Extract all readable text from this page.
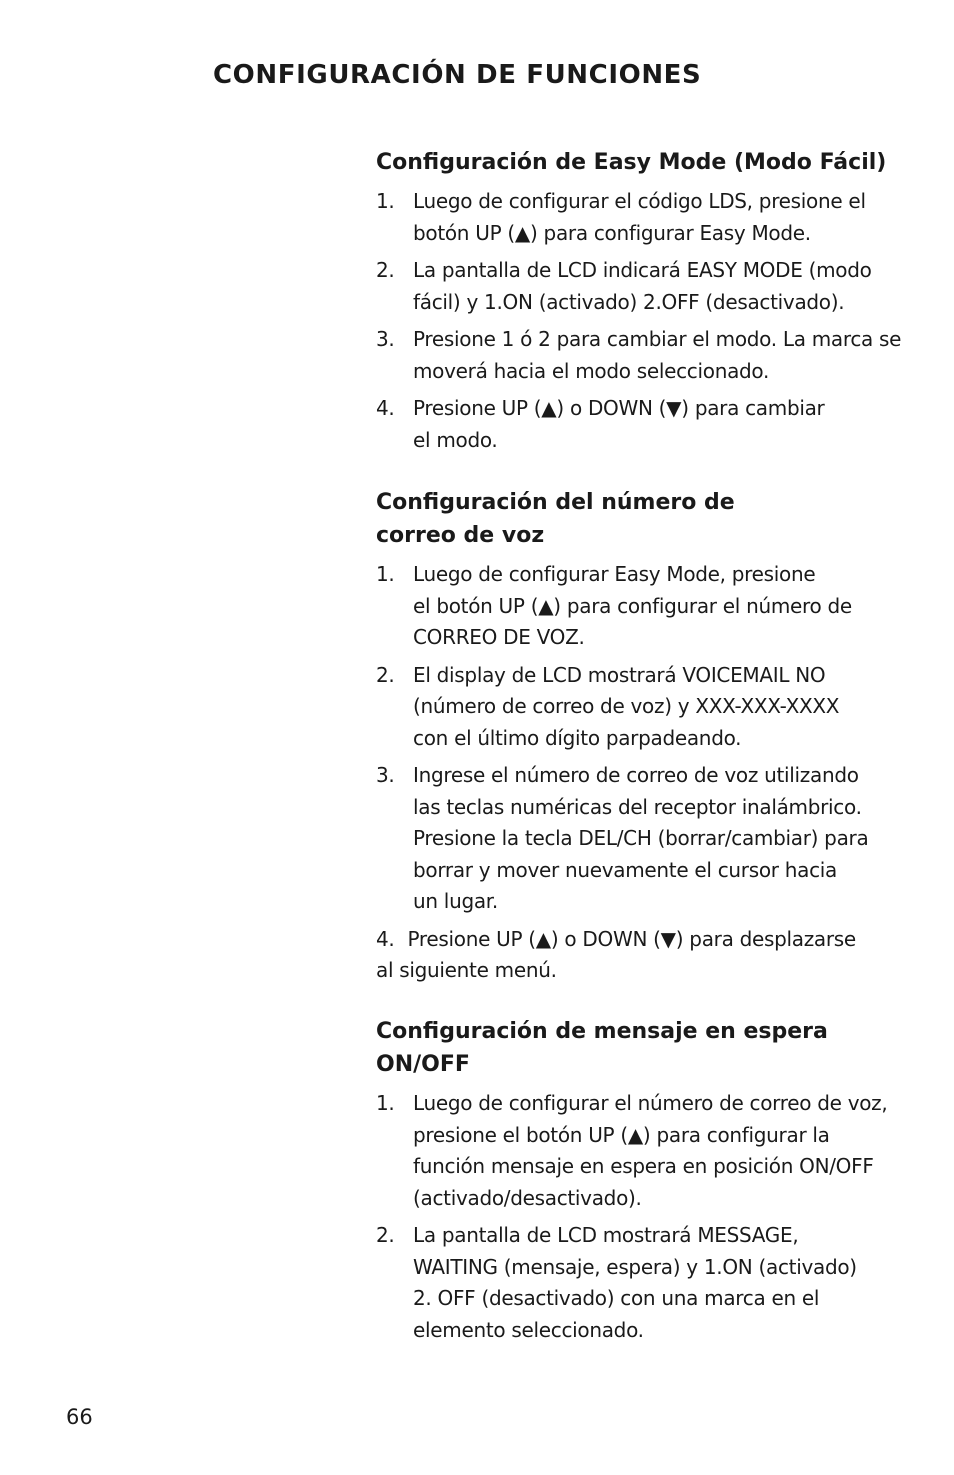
CONFIGURACIÓN DE FUNCIONES
Configuración de Easy Mode (Modo Fácil)
1. Luego de configurar el código LDS, presione el
botón UP (▲) para configurar Easy Mode.
2. La pantalla de LCD indicará EASY MODE (modo
fácil) y 1.ON (activado) 2.OFF (desactivado).
3. Presione 1 ó 2 para cambiar el modo. La marca se
moverá hacia el modo seleccionado.
4. Presione UP (▲) o DOWN (▼) para cambiar
el modo.
Configuración del número de
correo de voz
1. Luego de configurar Easy Mode, presione
el botón UP (▲) para configurar el número de
CORREO DE VOZ.
2. El display de LCD mostrará VOICEMAIL NO
(número de correo de voz) y XXX-XXX-XXXX
con el último dígito parpadeando.
3. Ingrese el número de correo de voz utilizando
las teclas numéricas del receptor inalámbrico.
Presione la tecla DEL/CH (borrar/cambiar) para
borrar y mover nuevamente el cursor hacia
un lugar.
4. Presione UP (▲) o DOWN (▼) para desplazarseal siguiente menú.
Configuración de mensaje en espera
ON/OFF
1. Luego de configurar el número de correo de voz,
presione el botón UP (▲) para configurar la
función mensaje en espera en posición ON/OFF
(activado/desactivado).
2. La pantalla de LCD mostrará MESSAGE,
WAITING (mensaje, espera) y 1.ON (activado)
2. OFF (desactivado) con una marca en el
elemento seleccionado.

66
